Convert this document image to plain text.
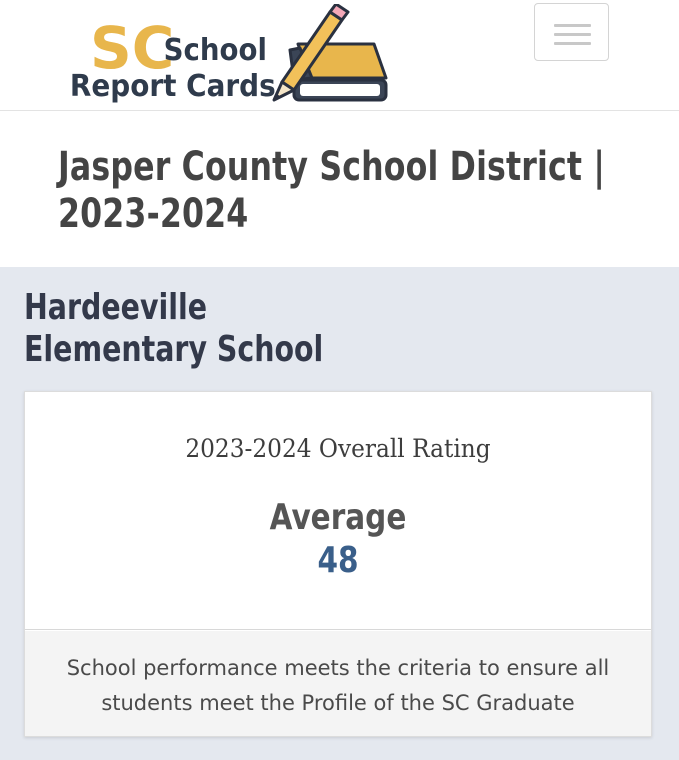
SC
School
Report Cards
Jasper County School District | 2023-2024
Hardeeville Elementary School
2023-2024 Overall Rating
Average
48

School performance meets the criteria to ensure all students meet the Profile of the SC Graduate
